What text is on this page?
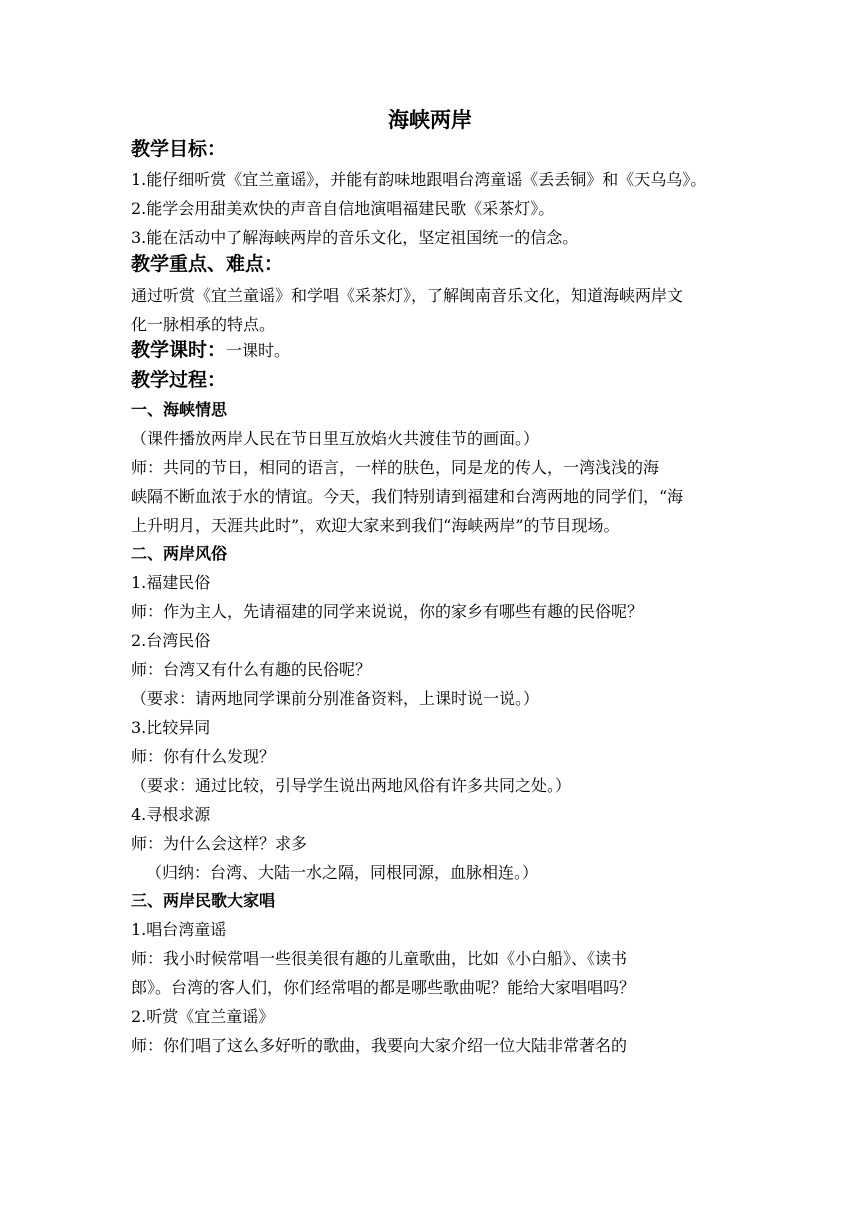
海峡两岸
教学目标：
1.能仔细听赏《宜兰童谣》，并能有韵味地跟唱台湾童谣《丢丢铜》和《天乌乌》。
2.能学会用甜美欢快的声音自信地演唱福建民歌《采茶灯》。
3.能在活动中了解海峡两岸的音乐文化，坚定祖国统一的信念。
教学重点、难点：
通过听赏《宜兰童谣》和学唱《采茶灯》，了解闽南音乐文化，知道海峡两岸文
化一脉相承的特点。
教学课时：一课时。
教学过程：
一、海峡情思
（课件播放两岸人民在节日里互放焰火共渡佳节的画面。）
师：共同的节日，相同的语言，一样的肤色，同是龙的传人，一湾浅浅的海
峡隔不断血浓于水的情谊。今天，我们特别请到福建和台湾两地的同学们，“海
上升明月，天涯共此时”，欢迎大家来到我们“海峡两岸”的节目现场。
二、两岸风俗
1.福建民俗
师：作为主人，先请福建的同学来说说，你的家乡有哪些有趣的民俗呢？
2.台湾民俗
师：台湾又有什么有趣的民俗呢？
（要求：请两地同学课前分别准备资料，上课时说一说。）
3.比较异同
师：你有什么发现？
（要求：通过比较，引导学生说出两地风俗有许多共同之处。）
4.寻根求源
师：为什么会这样？求多
（归纳：台湾、大陆一水之隔，同根同源，血脉相连。）
三、两岸民歌大家唱
1.唱台湾童谣
师：我小时候常唱一些很美很有趣的儿童歌曲，比如《小白船》、《读书
郎》。台湾的客人们，你们经常唱的都是哪些歌曲呢？能给大家唱唱吗？
2.听赏《宜兰童谣》
师：你们唱了这么多好听的歌曲，我要向大家介绍一位大陆非常著名的
